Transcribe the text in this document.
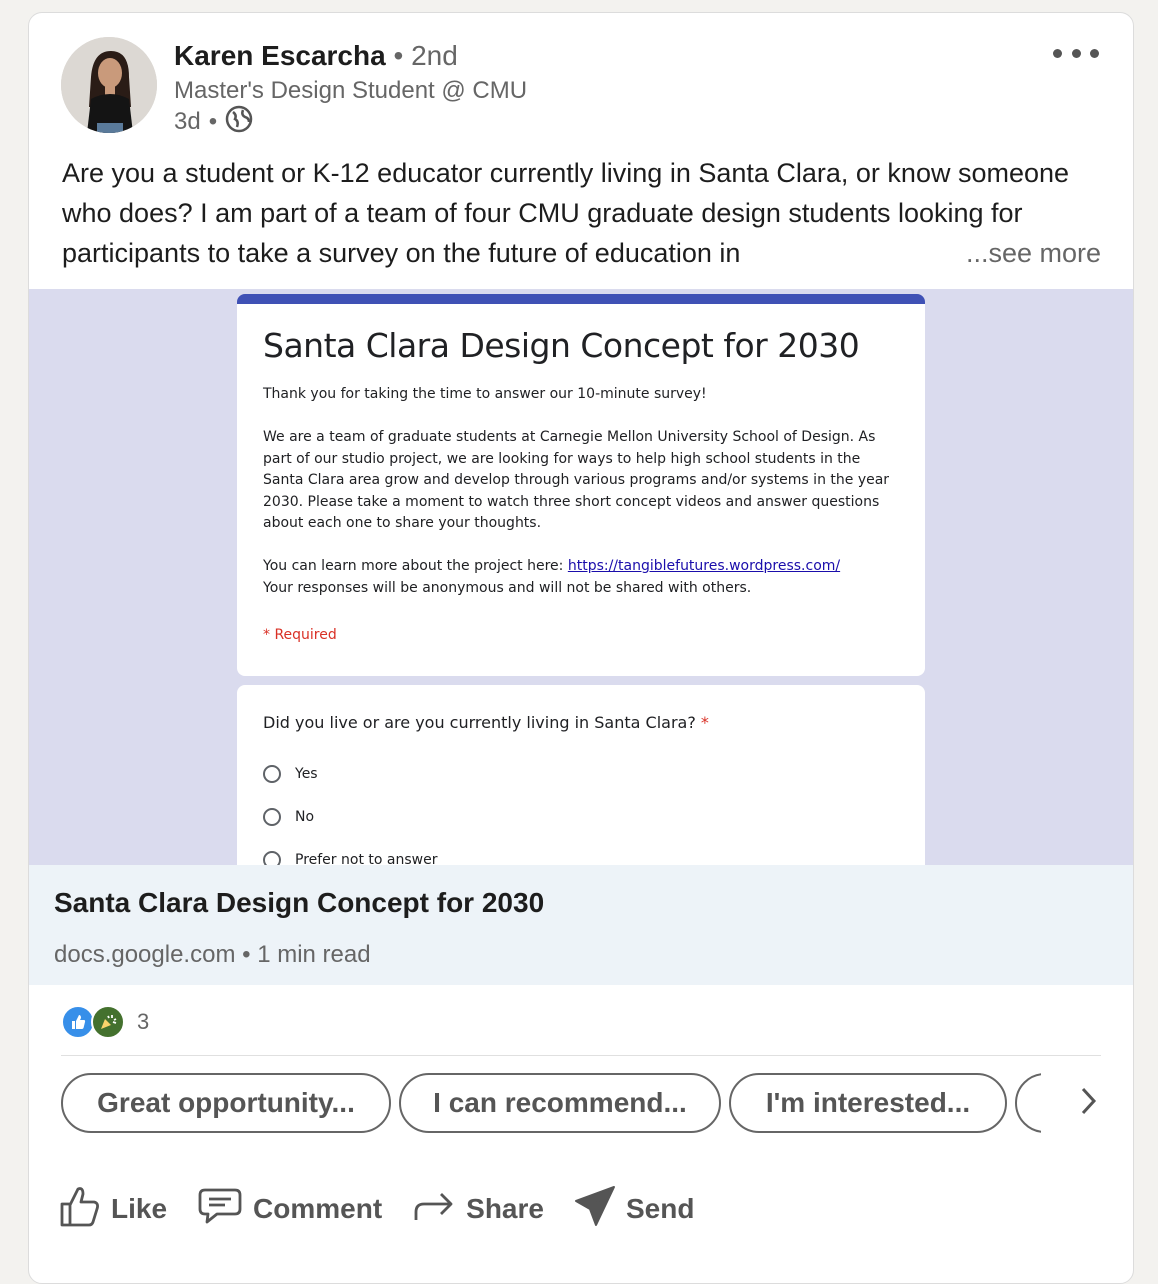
Karen Escarcha • 2nd
Master's Design Student @ CMU
3d •
Are you a student or K-12 educator currently living in Santa Clara, or know someone who does? I am part of a team of four CMU graduate design students looking for participants to take a survey on the future of education in	...see more
Santa Clara Design Concept for 2030

Thank you for taking the time to answer our 10-minute survey!

We are a team of graduate students at Carnegie Mellon University School of Design. As part of our studio project, we are looking for ways to help high school students in the Santa Clara area grow and develop through various programs and/or systems in the year 2030. Please take a moment to watch three short concept videos and answer questions about each one to share your thoughts.

You can learn more about the project here: https://tangiblefutures.wordpress.com/
Your responses will be anonymous and will not be shared with others.
* Required
Did you live or are you currently living in Santa Clara? *
Yes
No
Prefer not to answer
Santa Clara Design Concept for 2030
docs.google.com • 1 min read
3
Great opportunity...	I can recommend...	I'm interested...
Like	Comment	Share	Send
